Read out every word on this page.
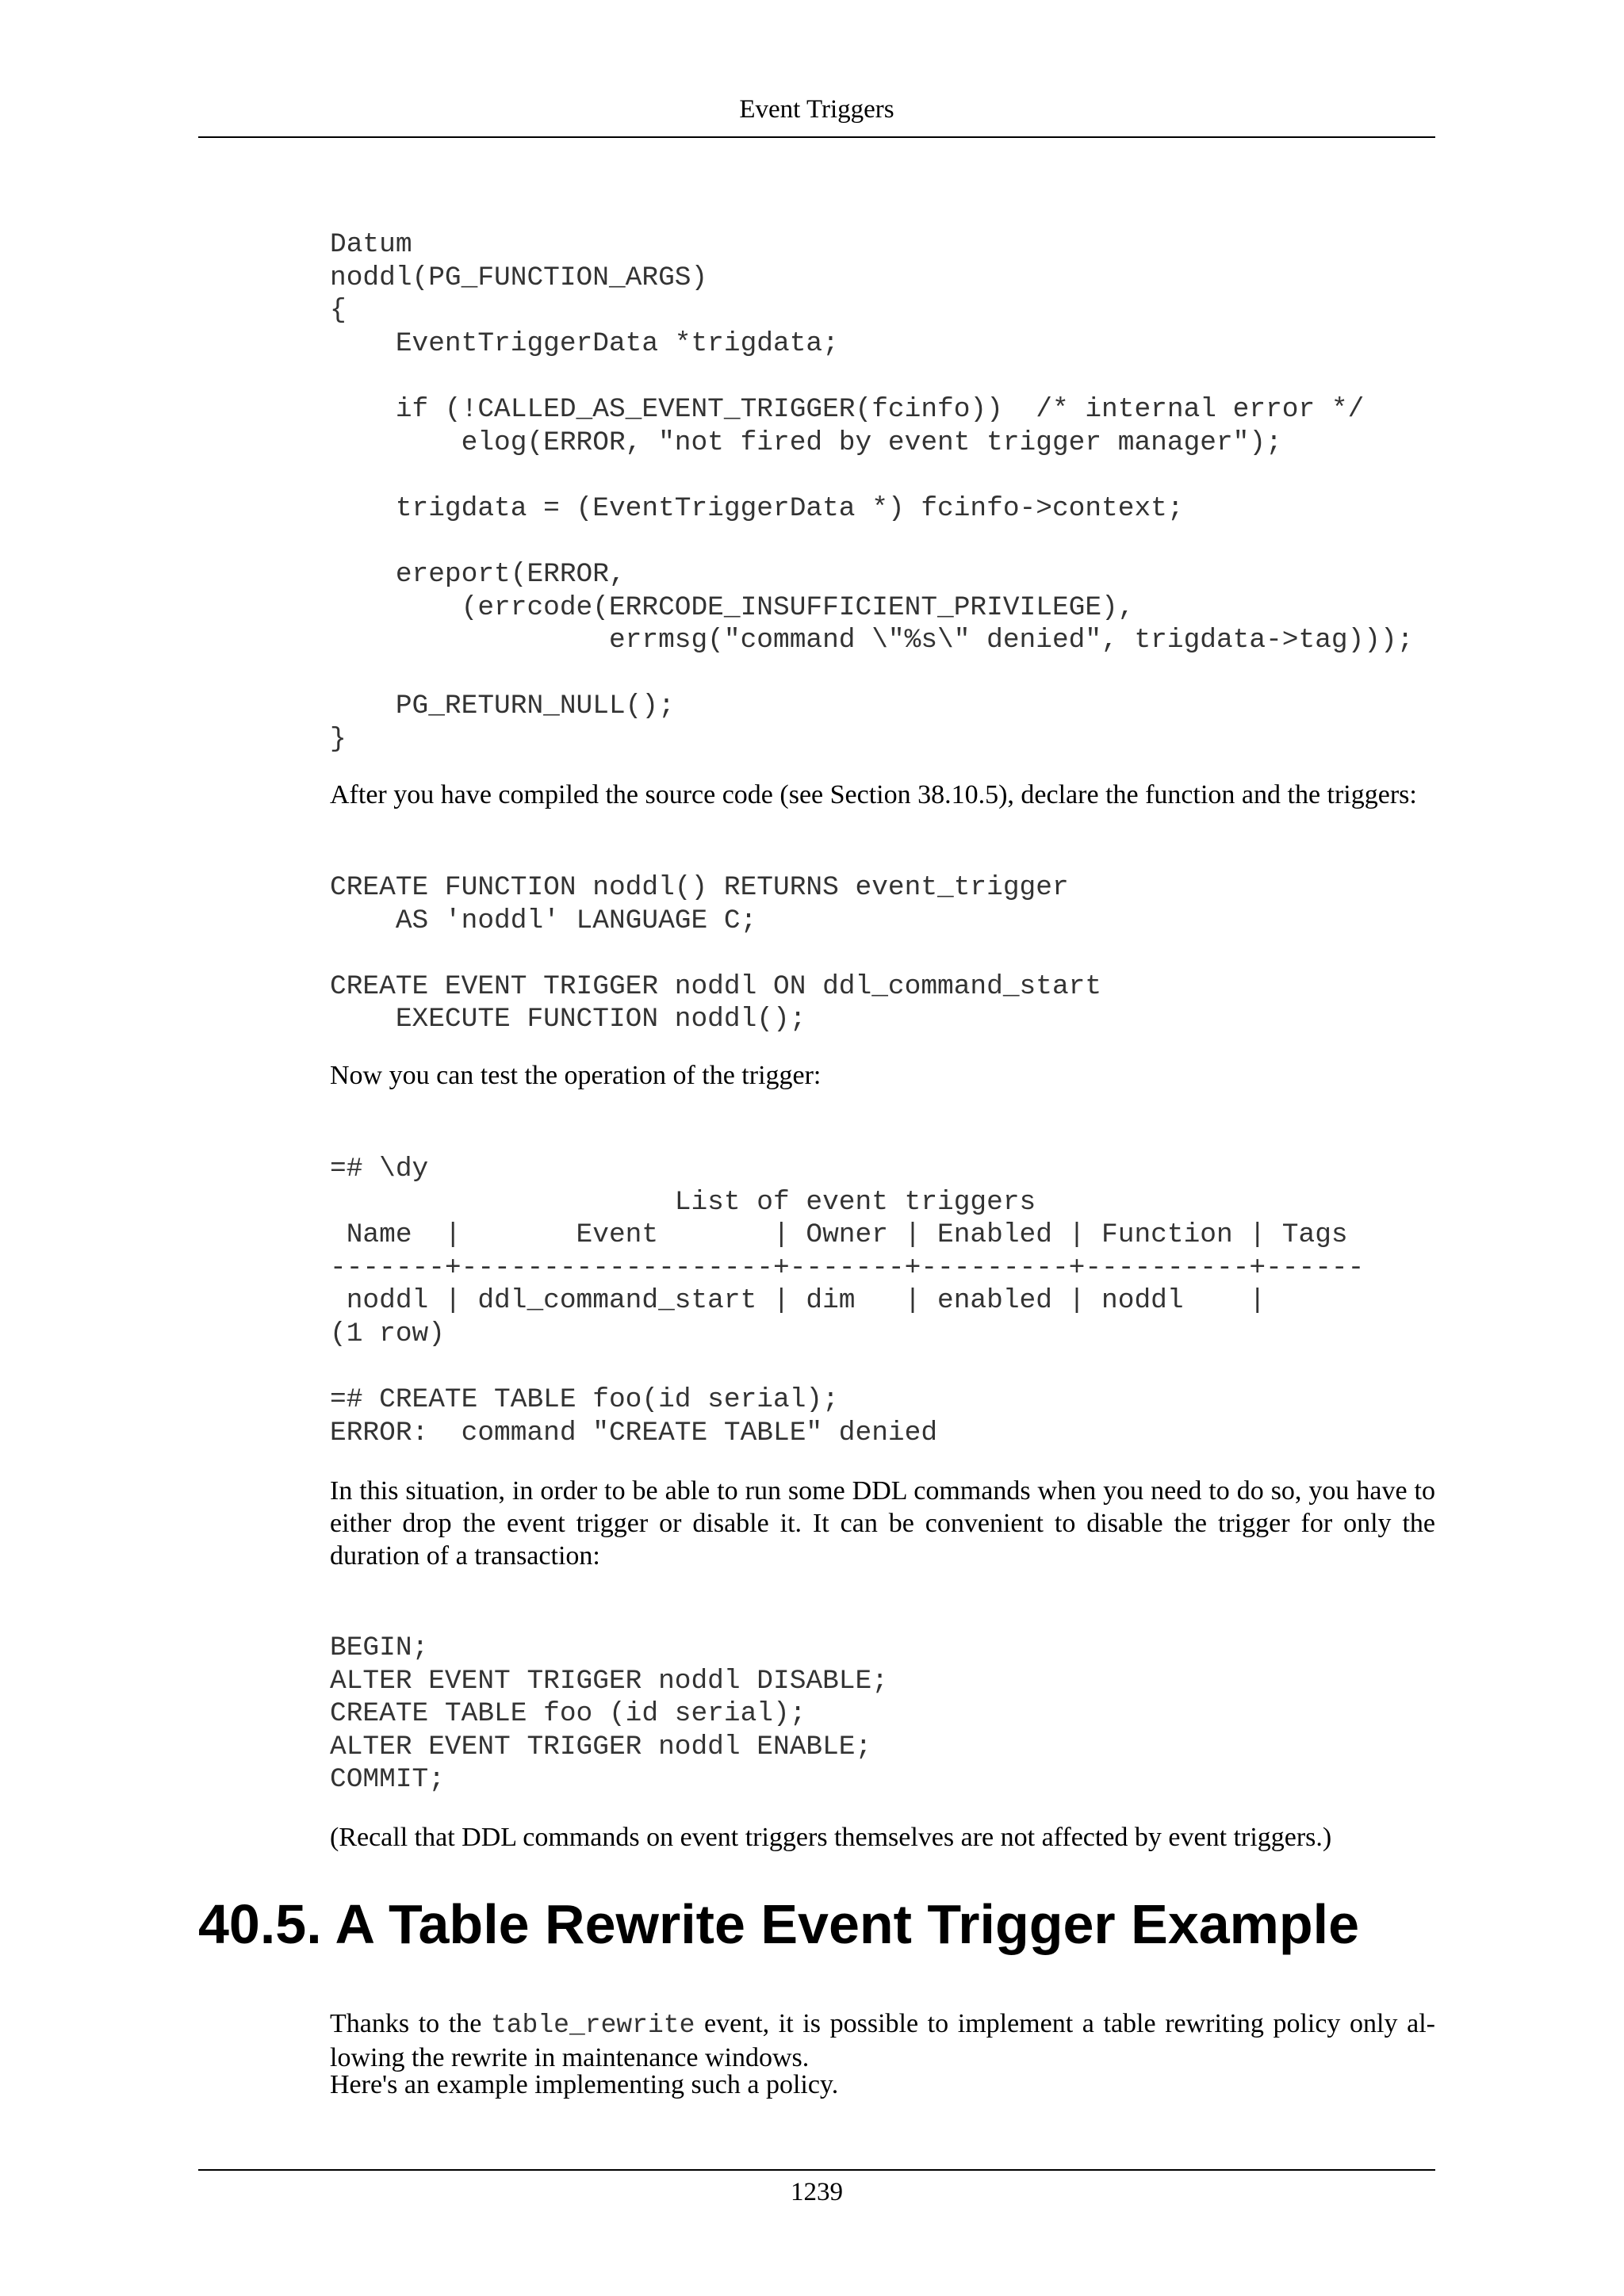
Event Triggers
Datum
noddl(PG_FUNCTION_ARGS)
{
EventTriggerData *trigdata;

if (!CALLED_AS_EVENT_TRIGGER(fcinfo))  /* internal error */
elog(ERROR, "not fired by event trigger manager");

trigdata = (EventTriggerData *) fcinfo->context;

ereport(ERROR,
(errcode(ERRCODE_INSUFFICIENT_PRIVILEGE),
errmsg("command \"%s\" denied", trigdata->tag)));

PG_RETURN_NULL();
}

After you have compiled the source code (see Section 38.10.5), declare the function and the triggers:

CREATE FUNCTION noddl() RETURNS event_trigger
AS 'noddl' LANGUAGE C;

CREATE EVENT TRIGGER noddl ON ddl_command_start
EXECUTE FUNCTION noddl();

Now you can test the operation of the trigger:

=# \dy
List of event triggers
Name  |       Event       | Owner | Enabled | Function | Tags
-------+-------------------+-------+---------+----------+------
noddl | ddl_command_start | dim   | enabled | noddl    |
(1 row)

=# CREATE TABLE foo(id serial);
ERROR:  command "CREATE TABLE" denied

In this situation, in order to be able to run some DDL commands when you need to do so, you have to either drop the event trigger or disable it. It can be convenient to disable the trigger for only the duration of a transaction:

BEGIN;
ALTER EVENT TRIGGER noddl DISABLE;
CREATE TABLE foo (id serial);
ALTER EVENT TRIGGER noddl ENABLE;
COMMIT;

(Recall that DDL commands on event triggers themselves are not affected by event triggers.)

40.5. A Table Rewrite Event Trigger Example

Thanks to the table_rewrite event, it is possible to implement a table rewriting policy only allowing the rewrite in maintenance windows.

Here's an example implementing such a policy.

1239
